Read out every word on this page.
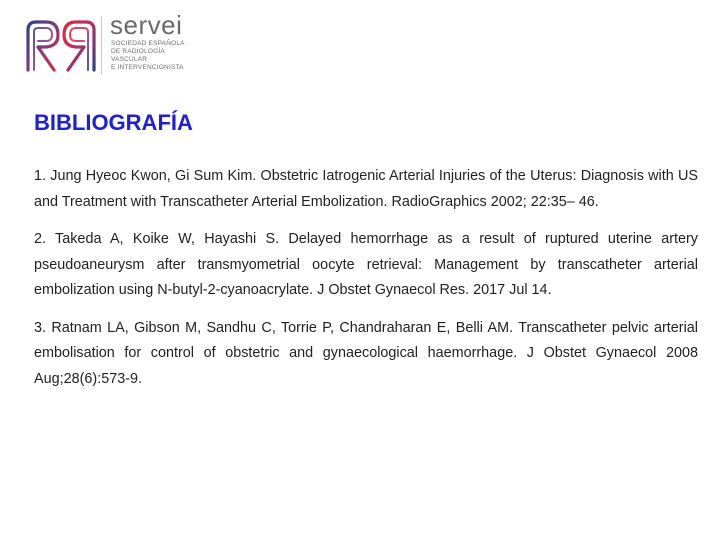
servei

SOCIEDAD ESPAÑOLA
DE RADIOLOGÍA
VASCULAR
E INTERVENCIONISTA
BIBLIOGRAFÍA
1. Jung Hyeoc Kwon, Gi Sum Kim. Obstetric Iatrogenic Arterial Injuries of the Uterus: Diagnosis with US and Treatment with Transcatheter Arterial Embolization. RadioGraphics 2002; 22:35– 46.
2. Takeda A, Koike W, Hayashi S. Delayed hemorrhage as a result of ruptured uterine artery pseudoaneurysm after transmyometrial oocyte retrieval: Management by transcatheter arterial embolization using N-butyl-2-cyanoacrylate. J Obstet Gynaecol Res. 2017 Jul 14.
3. Ratnam LA, Gibson M, Sandhu C, Torrie P, Chandraharan E, Belli AM. Transcatheter pelvic arterial embolisation for control of obstetric and gynaecological haemorrhage. J Obstet Gynaecol 2008 Aug;28(6):573-9.
